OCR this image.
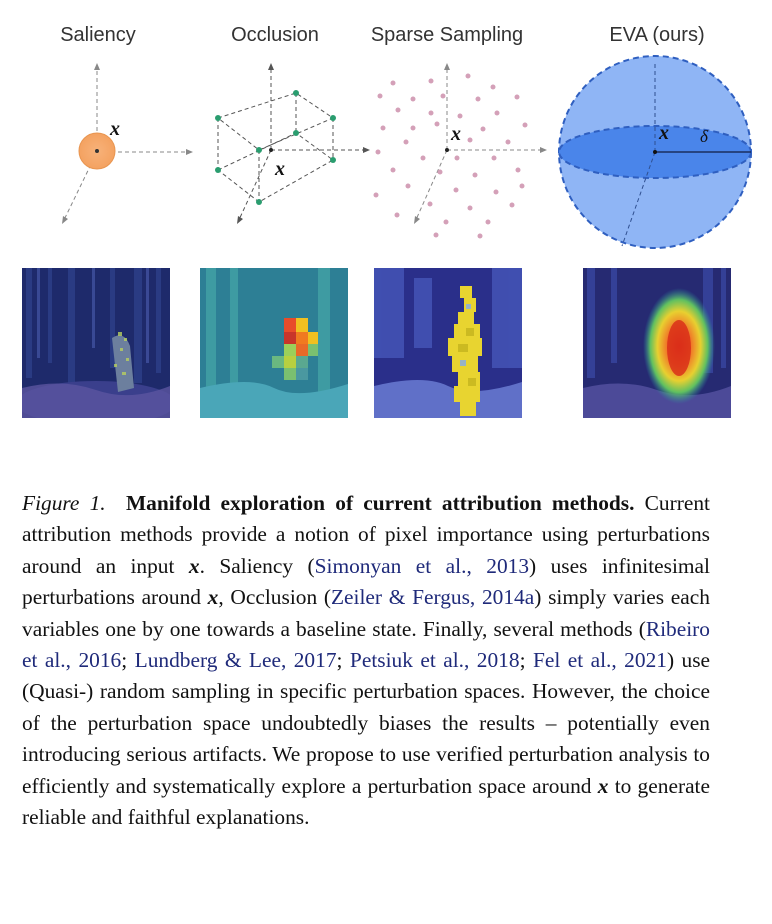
Saliency	Occlusion	Sparse Sampling	EVA (ours)
x
x
x	x δ
Figure 1. Manifold exploration of current attribution methods. Current attribution methods provide a notion of pixel importance using perturbations around an input x. Saliency (Simonyan et al., 2013) uses infinitesimal perturbations around x, Occlusion (Zeiler & Fergus, 2014a) simply varies each variables one by one towards a baseline state. Finally, several methods (Ribeiro et al., 2016; Lundberg & Lee, 2017; Petsiuk et al., 2018; Fel et al., 2021) use (Quasi-) random sampling in specific perturbation spaces. However, the choice of the perturbation space undoubtedly biases the results – potentially even introducing serious artifacts. We propose to use verified perturbation analysis to efficiently and systematically explore a perturbation space around x to generate reliable and faithful explanations.
